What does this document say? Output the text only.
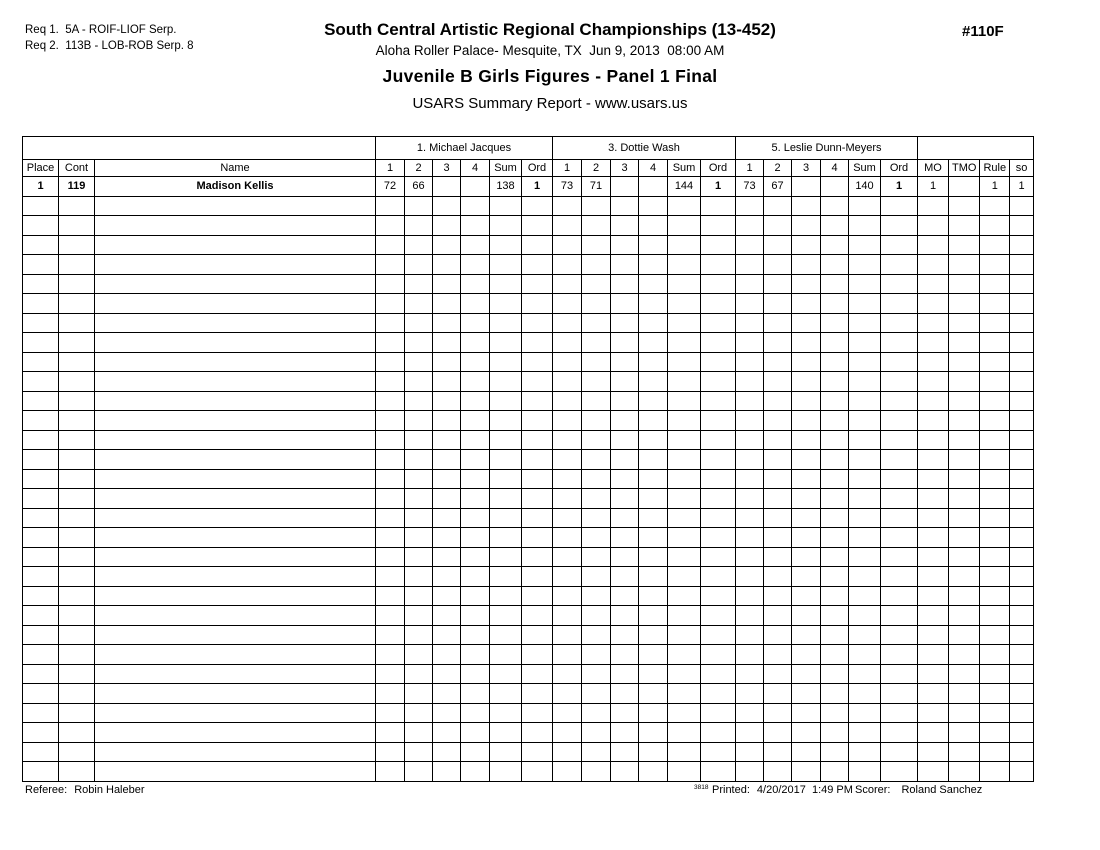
Req 1.  5A - ROIF-LIOF Serp.
Req 2.  113B - LOB-ROB Serp. 8
South Central Artistic Regional Championships (13-452)
Aloha Roller Palace- Mesquite, TX  Jun 9, 2013  08:00 AM
Juvenile B Girls Figures - Panel 1 Final
USARS Summary Report - www.usars.us
#110F
			1. Michael Jacques						3. Dottie Wash						5. Leslie Dunn-Meyers									
Place	Cont	Name	1	2	3	4	Sum	Ord	1	2	3	4	Sum	Ord	1	2	3	4	Sum	Ord	MO	TMO	Rule	so
1	119	Madison Kellis	72	66			138	1	73	71			144	1	73	67			140	1	1		1	1

Referee: Robin Haleber	3818 Printed: 4/20/2017  1:49 PM Scorer: Roland Sanchez
